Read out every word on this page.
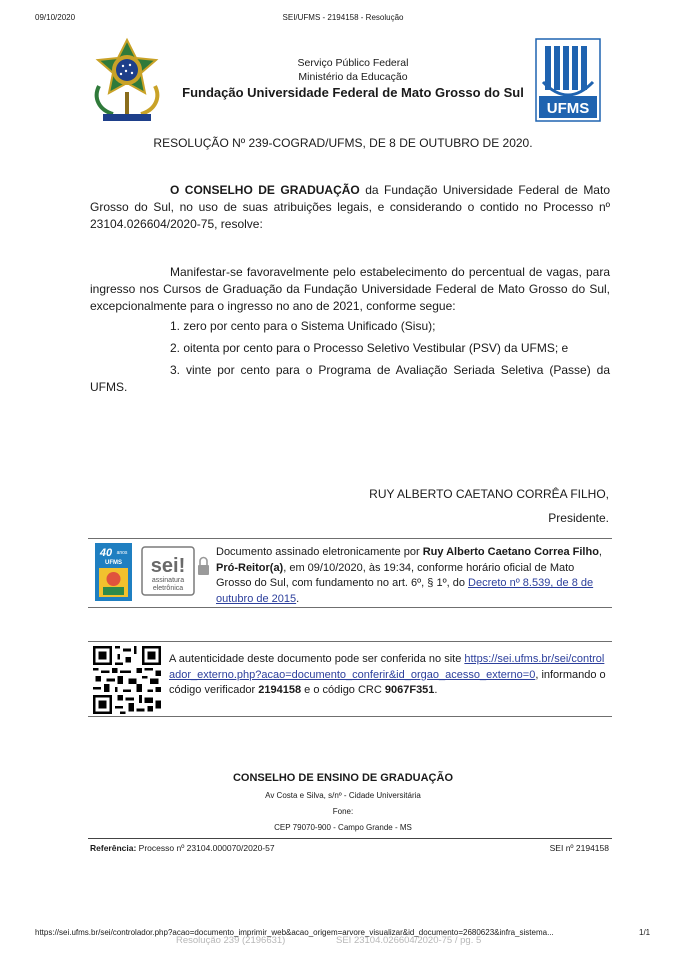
SEI/UFMS - 2194158 - Resolução
09/10/2020
Serviço Público Federal
Ministério da Educação
Fundação Universidade Federal de Mato Grosso do Sul
UFMS
RESOLUÇÃO Nº 239-COGRAD/UFMS, DE 8 DE OUTUBRO DE 2020.

O CONSELHO DE GRADUAÇÃO da Fundação Universidade Federal de Mato Grosso do Sul, no uso de suas atribuições legais, e considerando o contido no Processo nº 23104.026604/2020-75, resolve:

Manifestar-se favoravelmente pelo estabelecimento do percentual de vagas, para ingresso nos Cursos de Graduação da Fundação Universidade Federal de Mato Grosso do Sul, excepcionalmente para o ingresso no ano de 2021, conforme segue:

1. zero por cento para o Sistema Unificado (Sisu);
2. oitenta por cento para o Processo Seletivo Vestibular (PSV) da UFMS; e

3. vinte por cento para o Programa de Avaliação Seriada Seletiva (Passe) da UFMS.

RUY ALBERTO CAETANO CORRÊA FILHO,
Presidente.
40 anos
UFMS sei!
assinatura
eletrônica

Documento assinado eletronicamente por Ruy Alberto Caetano Correa Filho, Pró-Reitor(a), em 09/10/2020, às 19:34, conforme horário oficial de Mato Grosso do Sul, com fundamento no art. 6º, § 1º, do Decreto nº 8.539, de 8 de outubro de 2015.

A autenticidade deste documento pode ser conferida no site https://sei.ufms.br/sei/controlador_externo.php?acao=documento_conferir&id_orgao_acesso_externo=0, informando o código verificador 2194158 e o código CRC 9067F351.

CONSELHO DE ENSINO DE GRADUAÇÃO
Av Costa e Silva, s/nº - Cidade Universitária
Fone:
CEP 79070-900 - Campo Grande - MS
Referência: Processo nº 23104.000070/2020-57	SEI nº 2194158
https://sei.ufms.br/sei/controlador.php?acao=documento_imprimir_web&acao_origem=arvore_visualizar&id_documento=2680623&infra_sistema...	1/1
Resolução 239 (2196631)	SEI 23104.026604/2020-75 / pg. 5
